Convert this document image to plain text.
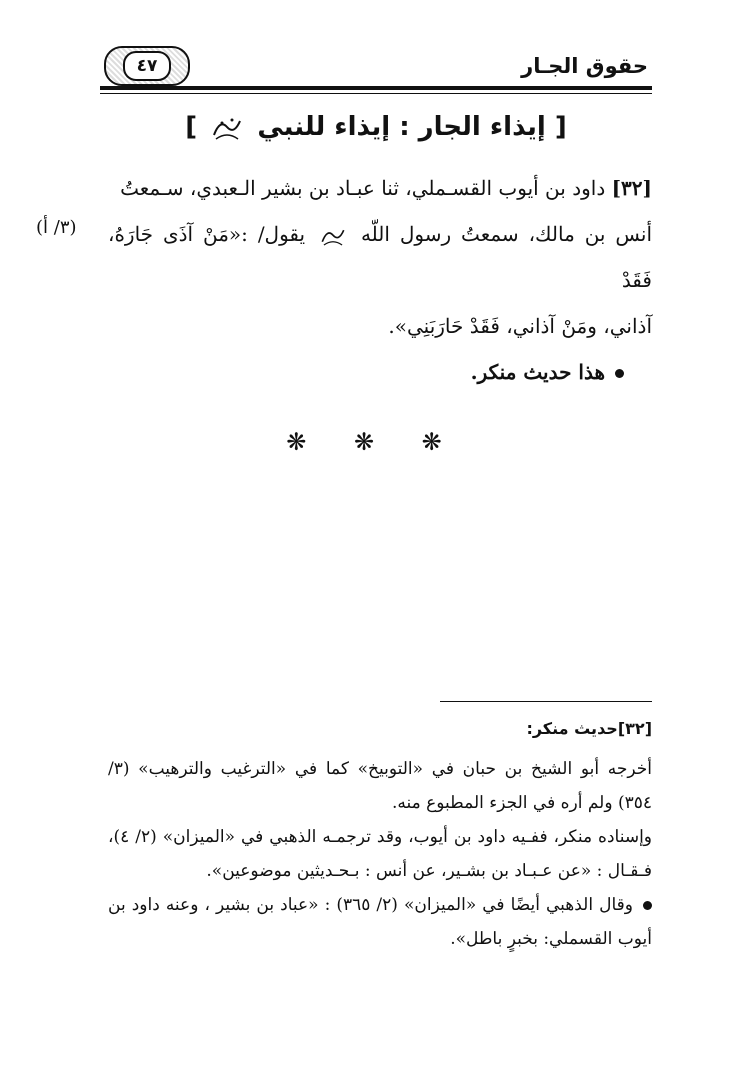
حقوق الجـار
٤٧
[ إيذاء الجار : إيذاء للنبي  ]

[٣٢] داود بن أيوب القسـملي، ثنا عبـاد بن بشير الـعبدي، سـمعتُ

أنس بن مالك، سمعتُ رسول اللّه  يقول/ :«مَنْ آذَى جَارَهُ، فَقَدْ

آذاني، ومَنْ آذاني، فَقَدْ حَارَبَنِي».

هذا حديث منكر.

(٣/ أ)
❋ ❋ ❋

[٣٢]حديث منكر:

أخرجه أبو الشيخ بن حبان في «التوبيخ» كما في «الترغيب والترهيب» (٣/ ٣٥٤) ولم أره في الجزء المطبوع منه.

وإسناده منكر، ففـيه داود بن أيوب، وقد ترجمـه الذهبي في «الميزان» (٢/ ٤)، فـقـال : «عن عـبـاد بن بشـير، عن أنس : بـحـديثين موضوعين».

وقال الذهبي أيضًا في «الميزان» (٢/ ٣٦٥) : «عباد بن بشير ، وعنه داود بن أيوب القسملي: بخبرٍ باطل».
